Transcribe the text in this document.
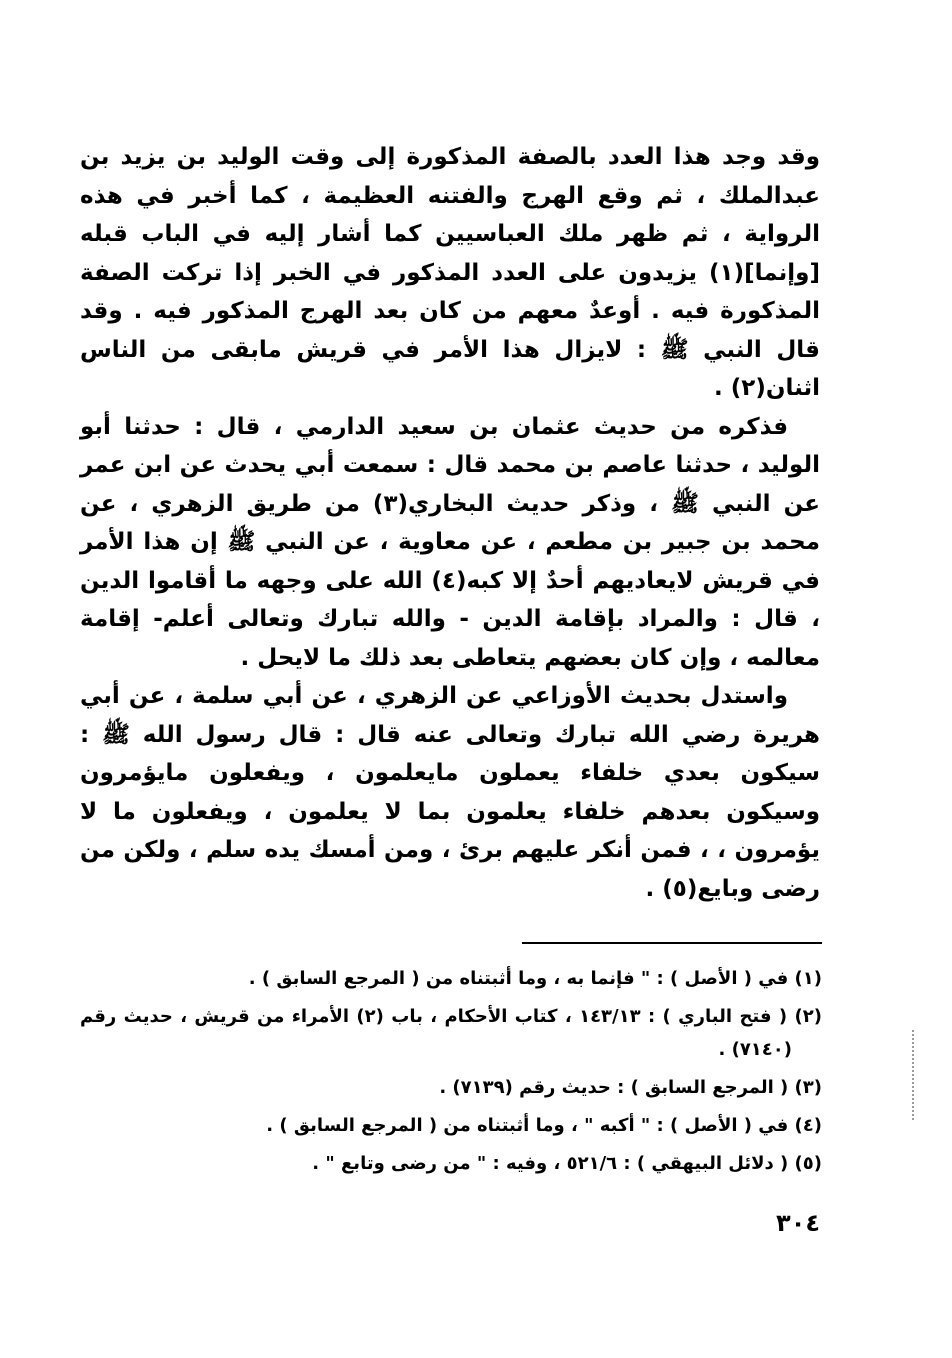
وقد وجد هذا العدد بالصفة المذكورة إلى وقت الوليد بن يزيد بن عبدالملك ، ثم وقع الهرج والفتنه العظيمة ، كما أخبر في هذه الرواية ، ثم ظهر ملك العباسيين كما أشار إليه في الباب قبله [وإنما](١) يزيدون على العدد المذكور في الخبر إذا تركت الصفة المذكورة فيه . أوعدٌ معهم من كان بعد الهرج المذكور فيه . وقد قال النبي ﷺ : لايزال هذا الأمر في قريش مابقى من الناس اثنان(٢) .

فذكره من حديث عثمان بن سعيد الدارمي ، قال : حدثنا أبو الوليد ، حدثنا عاصم بن محمد قال : سمعت أبي يحدث عن ابن عمر عن النبي ﷺ ، وذكر حديث البخاري(٣) من طريق الزهري ، عن محمد بن جبير بن مطعم ، عن معاوية ، عن النبي ﷺ إن هذا الأمر في قريش لايعاديهم أحدٌ إلا كبه(٤) الله على وجهه ما أقاموا الدين ، قال : والمراد بإقامة الدين - والله تبارك وتعالى أعلم- إقامة معالمه ، وإن كان بعضهم يتعاطى بعد ذلك ما لايحل .

واستدل بحديث الأوزاعي عن الزهري ، عن أبي سلمة ، عن أبي هريرة رضي الله تبارك وتعالى عنه قال : قال رسول الله ﷺ : سيكون بعدي خلفاء يعملون مايعلمون ، ويفعلون مايؤمرون وسيكون بعدهم خلفاء يعلمون بما لا يعلمون ، ويفعلون ما لا يؤمرون ، ، فمن أنكر عليهم برئ ، ومن أمسك يده سلم ، ولكن من رضى وبايع(٥) .

(١) في ( الأصل ) : " فإنما به ، وما أثبتناه من ( المرجع السابق ) .

(٢) ( فتح الباري ) : ١٤٣/١٣ ، كتاب الأحكام ، باب (٢) الأمراء من قريش ، حديث رقم (٧١٤٠) .

(٣) ( المرجع السابق ) : حديث رقم (٧١٣٩) .

(٤) في ( الأصل ) : " أكبه " ، وما أثبتناه من ( المرجع السابق ) .

(٥) ( دلائل البيهقي ) : ٥٢١/٦ ، وفيه : " من رضى وتابع " .

٣٠٤
